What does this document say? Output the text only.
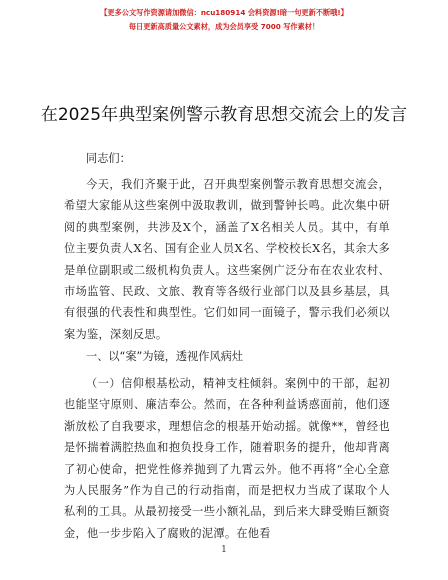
【更多公文写作资源请加微信：ncu180914 会料资源!暗一句更新不断哦!】
每日更新高质量公文素材，成为会员享受 7000 写作素材！
在2025年典型案例警示教育思想交流会上的发言
同志们：
今天，我们齐聚于此，召开典型案例警示教育思想交流会，希望大家能从这些案例中汲取教训，做到警钟长鸣。此次集中研阅的典型案例，共涉及X个，涵盖了X名相关人员。其中，有单位主要负责人X名、国有企业人员X名、学校校长X名，其余大多是单位副职或二级机构负责人。这些案例广泛分布在农业农村、市场监管、民政、文旅、教育等各级行业部门以及县乡基层，具有很强的代表性和典型性。它们如同一面镜子，警示我们必须以案为鉴，深刻反思。
一、以“案”为镜，透视作风病灶
（一）信仰根基松动，精神支柱倾斜。案例中的干部，起初也能坚守原则、廉洁奉公。然而，在各种利益诱惑面前，他们逐渐放松了自我要求，理想信念的根基开始动摇。就像**，曾经也是怀揣着满腔热血和抱负投身工作，随着职务的提升，他却背离了初心使命，把党性修养抛到了九霄云外。他不再将“全心全意为人民服务”作为自己的行动指南，而是把权力当成了谋取个人私利的工具。从最初接受一些小额礼品，到后来大肆受贿巨额资金，他一步步陷入了腐败的泥潭。在他看
1
